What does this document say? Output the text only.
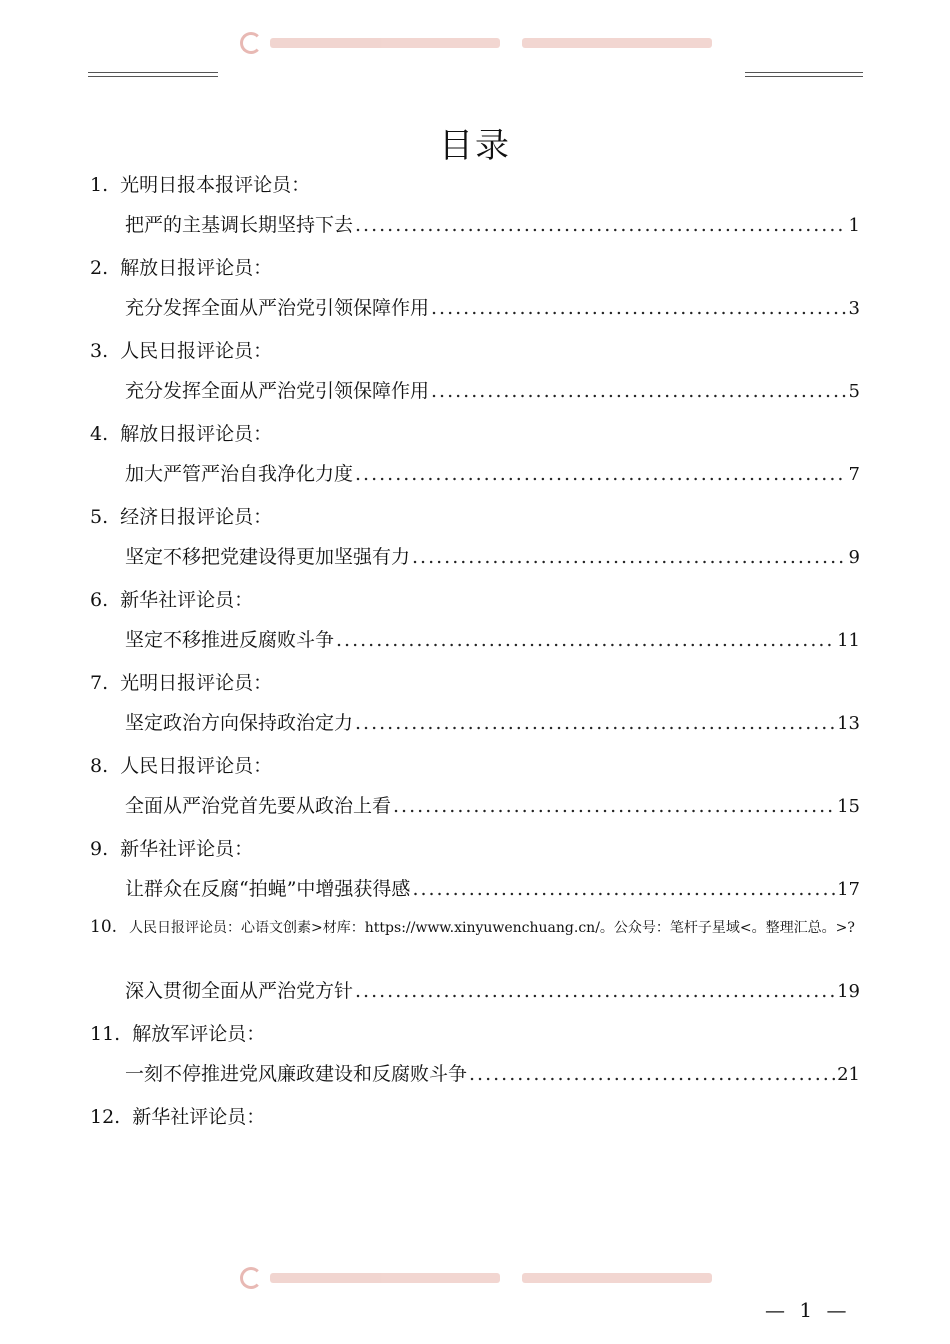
目录
1. 光明日报本报评论员：
把严的主基调长期坚持下去 .....	1
2. 解放日报评论员：
充分发挥全面从严治党引领保障作用 .....	3
3. 人民日报评论员：
充分发挥全面从严治党引领保障作用 .....	5
4. 解放日报评论员：
加大严管严治自我净化力度 .....	7
5. 经济日报评论员：
坚定不移把党建设得更加坚强有力 .....	9
6. 新华社评论员：
坚定不移推进反腐败斗争 .....	11
7. 光明日报评论员：
坚定政治方向保持政治定力 .....	13
8. 人民日报评论员：
全面从严治党首先要从政治上看 .....	15
9. 新华社评论员：
让群众在反腐“拍蝇”中增强获得感 .....	17
10. 人民日报评论员：心语文创素>材库：https://www.xinyuwenchuang.cn/。公众号：笔杆子星域<。整理汇总。>?
深入贯彻全面从严治党方针 .....	19
11. 解放军评论员：
一刻不停推进党风廉政建设和反腐败斗争 .....	21
12. 新华社评论员：
— 1 —
